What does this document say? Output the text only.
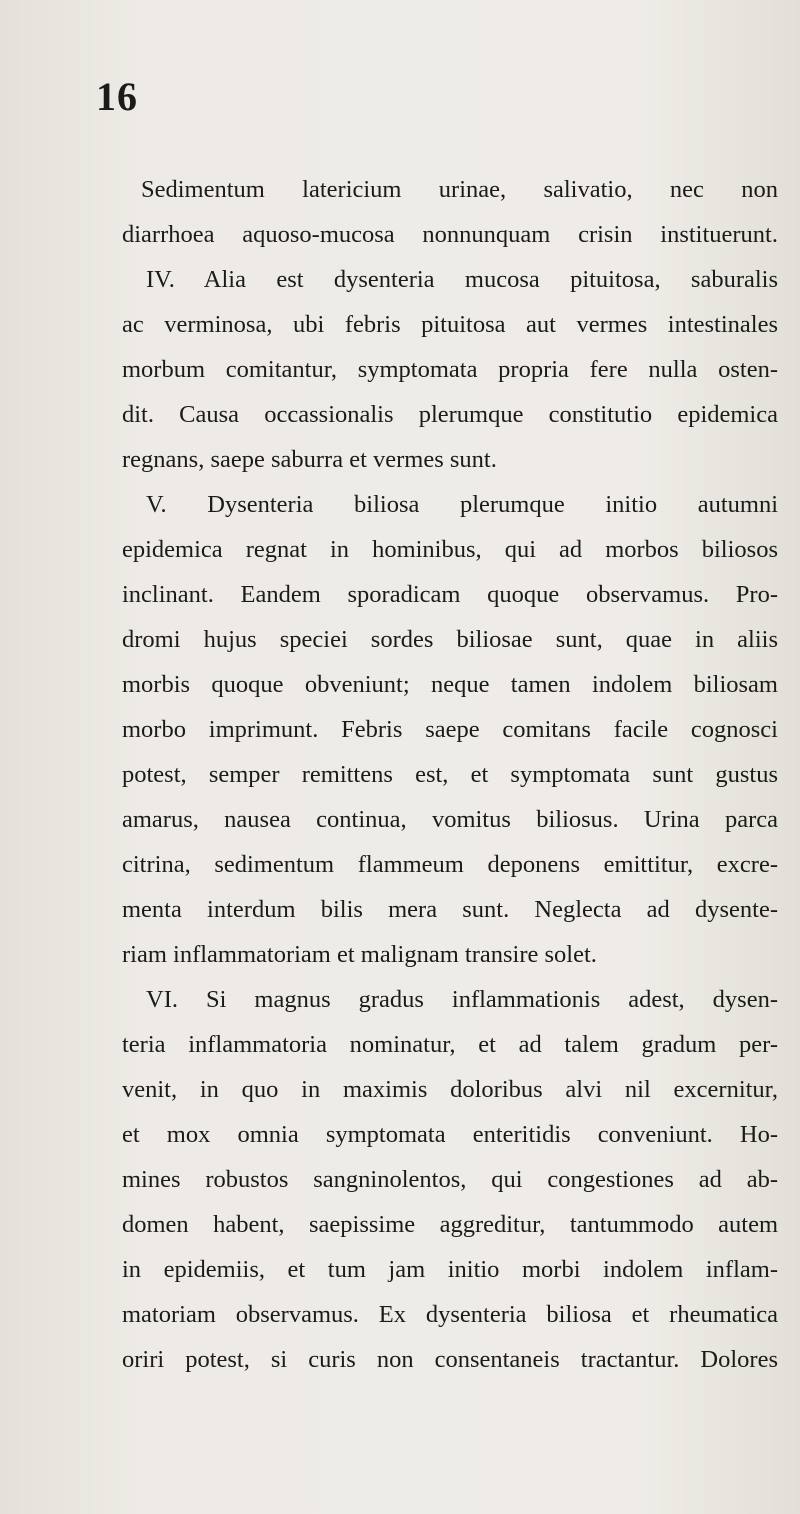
16
Sedimentum latericium urinae, salivatio, nec non
diarrhoea aquoso-mucosa nonnunquam crisin instituerunt.
IV. Alia est dysenteria mucosa pituitosa, saburalis
ac verminosa, ubi febris pituitosa aut vermes intestinales
morbum comitantur, symptomata propria fere nulla osten-
dit. Causa occassionalis plerumque constitutio epidemica
regnans, saepe saburra et vermes sunt.
V. Dysenteria biliosa plerumque initio autumni
epidemica regnat in hominibus, qui ad morbos biliosos
inclinant. Eandem sporadicam quoque observamus. Pro-
dromi hujus speciei sordes biliosae sunt, quae in aliis
morbis quoque obveniunt; neque tamen indolem biliosam
morbo imprimunt. Febris saepe comitans facile cognosci
potest, semper remittens est, et symptomata sunt gustus
amarus, nausea continua, vomitus biliosus. Urina parca
citrina, sedimentum flammeum deponens emittitur, excre-
menta interdum bilis mera sunt. Neglecta ad dysente-
riam inflammatoriam et malignam transire solet.
VI. Si magnus gradus inflammationis adest, dysen-
teria inflammatoria nominatur, et ad talem gradum per-
venit, in quo in maximis doloribus alvi nil excernitur,
et mox omnia symptomata enteritidis conveniunt. Ho-
mines robustos sangninolentos, qui congestiones ad ab-
domen habent, saepissime aggreditur, tantummodo autem
in epidemiis, et tum jam initio morbi indolem inflam-
matoriam observamus. Ex dysenteria biliosa et rheumatica
oriri potest, si curis non consentaneis tractantur. Dolores
